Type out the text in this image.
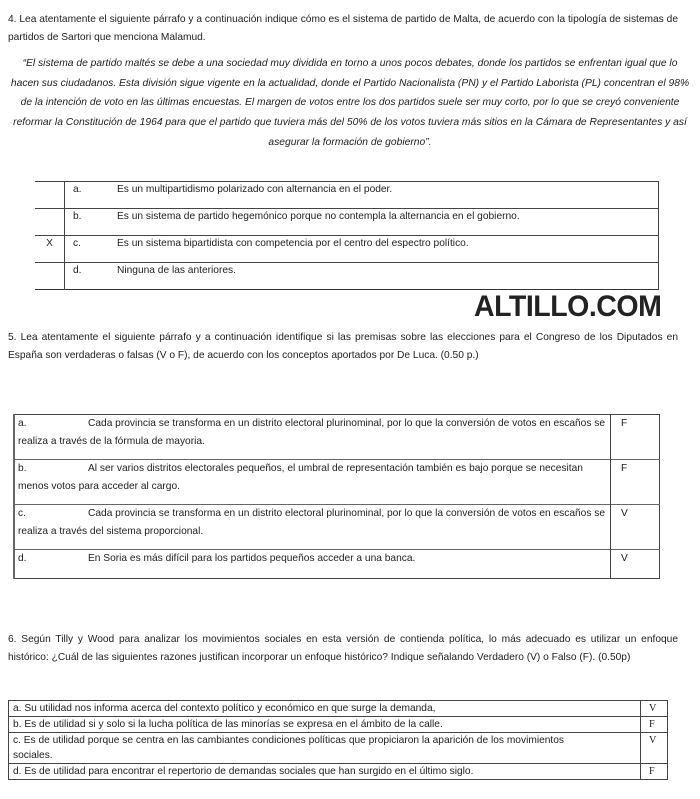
4. Lea atentamente el siguiente párrafo y a continuación indique cómo es el sistema de partido de Malta, de acuerdo con la tipología de sistemas de partidos de Sartori que menciona Malamud.

“El sistema de partido maltés se debe a una sociedad muy dividida en torno a unos pocos debates, donde los partidos se enfrentan igual que lo hacen sus ciudadanos. Esta división sigue vigente en la actualidad, donde el Partido Nacionalista (PN) y el Partido Laborista (PL) concentran el 98% de la intención de voto en las últimas encuestas. El margen de votos entre los dos partidos suele ser muy corto, por lo que se creyó conveniente reformar la Constitución de 1964 para que el partido que tuviera más del 50% de los votos tuviera más sitios en la Cámara de Representantes y así asegurar la formación de gobierno”.

	a.	Es un multipartidismo polarizado con alternancia en el poder.
	b.	Es un sistema de partido hegemónico porque no contempla la alternancia en el gobierno.
X	c.	Es un sistema bipartidista con competencia por el centro del espectro político.
	d.	Ninguna de las anteriores.
ALTILLO.COM

5. Lea atentamente el siguiente párrafo y a continuación identifique si las premisas sobre las elecciones para el Congreso de los Diputados en España son verdaderas o falsas (V o F), de acuerdo con los conceptos aportados por De Luca. (0.50 p.)

a. Cada provincia se transforma en un distrito electoral plurinominal, por lo que la conversión de votos en escaños se realiza a través de la fórmula de mayoria.	F
b. Al ser varios distritos electorales pequeños, el umbral de representación también es bajo porque se necesitan menos votos para acceder al cargo.	F
c. Cada provincia se transforma en un distrito electoral plurinominal, por lo que la conversión de votos en escaños se realiza a través del sistema proporcional.	V
d. En Soria es más difícil para los partidos pequeños acceder a una banca.	V

6. Según Tilly y Wood para analizar los movimientos sociales en esta versión de contienda política, lo más adecuado es utilizar un enfoque histórico: ¿Cuál de las siguientes razones justifican incorporar un enfoque histórico? Indique señalando Verdadero (V) o Falso (F). (0.50p)

a. Su utilidad nos informa acerca del contexto político y económico en que surge la demanda,	V
b. Es de utilidad si y solo si la lucha política de las minorías se expresa en el ámbito de la calle.	F
c. Es de utilidad porque se centra en las cambiantes condiciones políticas que propiciaron la aparición de los movimientos sociales.	V
d. Es de utilidad para encontrar el repertorio de demandas sociales que han surgido en el último siglo.	F
